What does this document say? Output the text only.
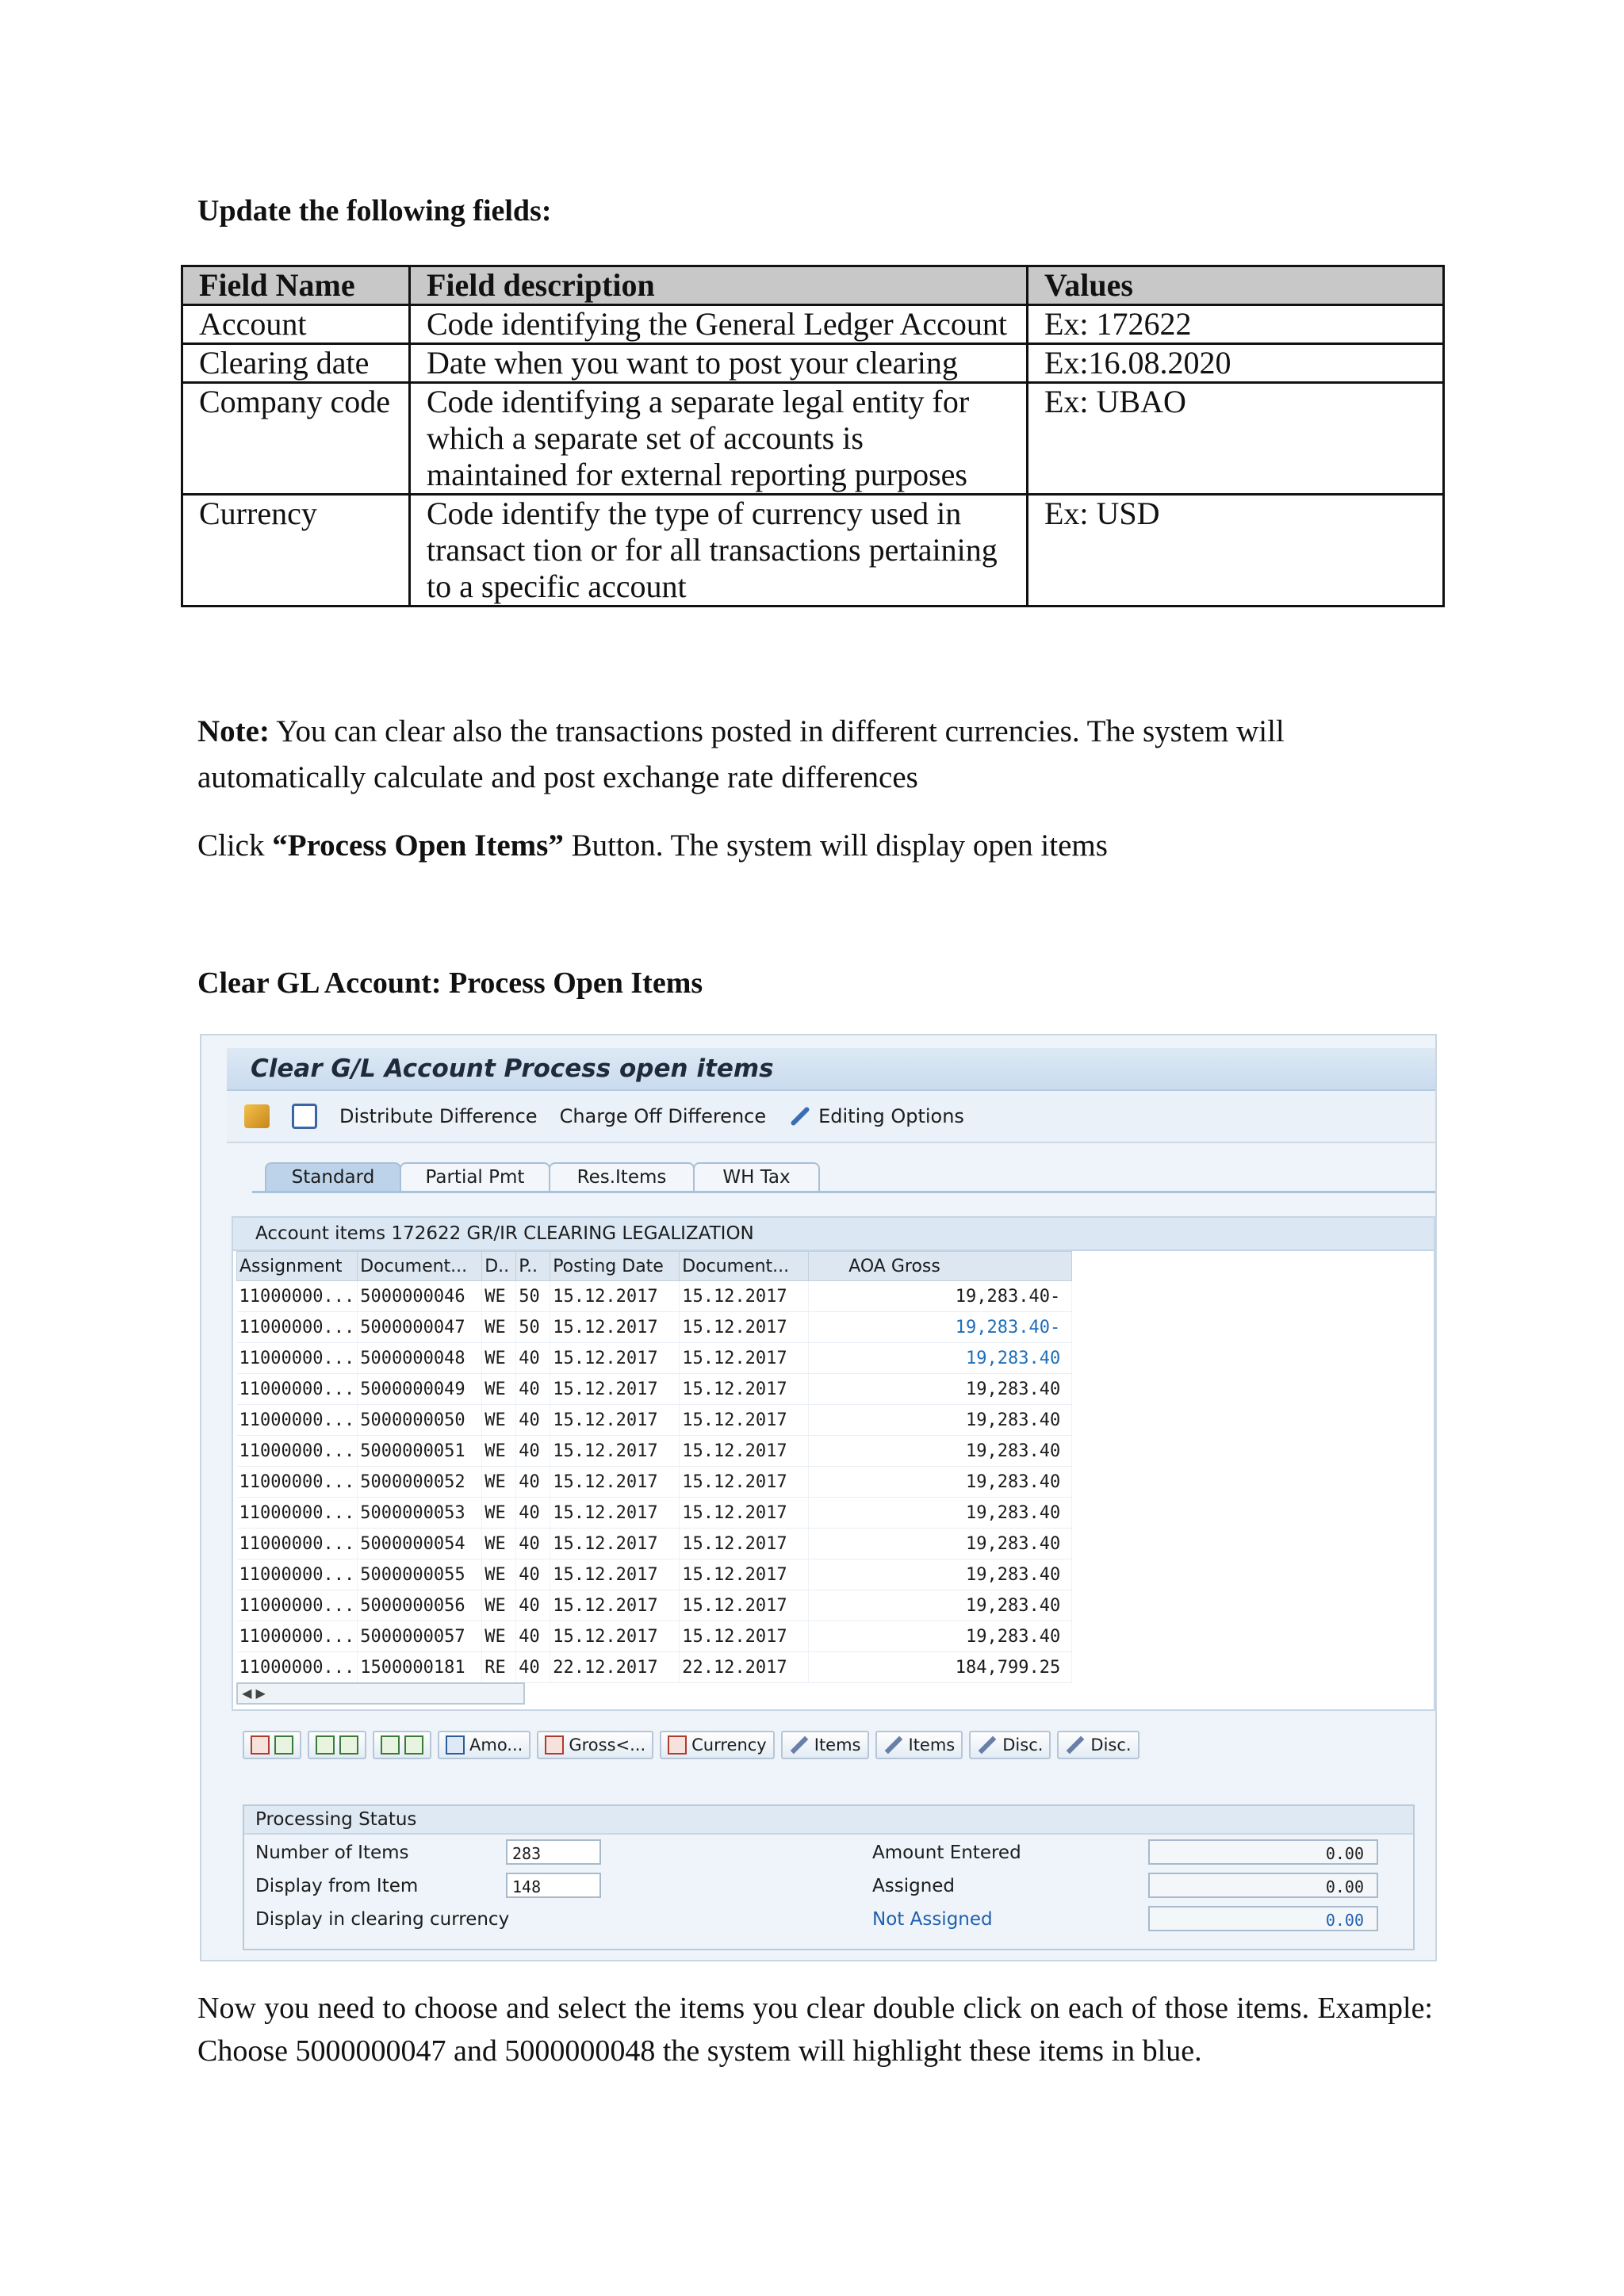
Update the following fields:
Field Name	Field description	Values
Account	Code identifying the General Ledger Account	Ex: 172622
Clearing date	Date when you want to post your clearing	Ex:16.08.2020
Company code	Code identifying a separate legal entity for which a separate set of accounts is maintained for external reporting purposes	Ex: UBAO
Currency	Code identify the type of currency used in transact tion or for all transactions pertaining to a specific account	Ex: USD

Note: You can clear also the transactions posted in different currencies. The system will automatically calculate and post exchange rate differences

Click “Process Open Items” Button. The system will display open items

Clear GL Account: Process Open Items
Clear G/L Account Process open items
Distribute Difference Charge Off Difference	Editing Options
Standard	Partial Pmt	Res.Items	WH Tax
Account items 172622 GR/IR CLEARING LEGALIZATION
Assignment	Document...	D..	P..	Posting Date	Document...	AOA Gross
11000000...	5000000046	WE	50	15.12.2017	15.12.2017	19,283.40-
11000000...	5000000047	WE	50	15.12.2017	15.12.2017	19,283.40-
11000000...	5000000048	WE	40	15.12.2017	15.12.2017	19,283.40
11000000...	5000000049	WE	40	15.12.2017	15.12.2017	19,283.40
11000000...	5000000050	WE	40	15.12.2017	15.12.2017	19,283.40
11000000...	5000000051	WE	40	15.12.2017	15.12.2017	19,283.40
11000000...	5000000052	WE	40	15.12.2017	15.12.2017	19,283.40
11000000...	5000000053	WE	40	15.12.2017	15.12.2017	19,283.40
11000000...	5000000054	WE	40	15.12.2017	15.12.2017	19,283.40
11000000...	5000000055	WE	40	15.12.2017	15.12.2017	19,283.40
11000000...	5000000056	WE	40	15.12.2017	15.12.2017	19,283.40
11000000...	5000000057	WE	40	15.12.2017	15.12.2017	19,283.40
11000000...	1500000181	RE	40	22.12.2017	22.12.2017	184,799.25
◀ ▶
Amo...	Gross<...	Currency	Items	Items	Disc.	Disc.
Processing Status
Number of Items	283
Display from Item	148
Display in clearing currency
Amount Entered	0.00
Assigned	0.00
Not Assigned	0.00

Now you need to choose and select the items you clear double click on each of those items. Example: Choose 5000000047 and 5000000048 the system will highlight these items in blue.
